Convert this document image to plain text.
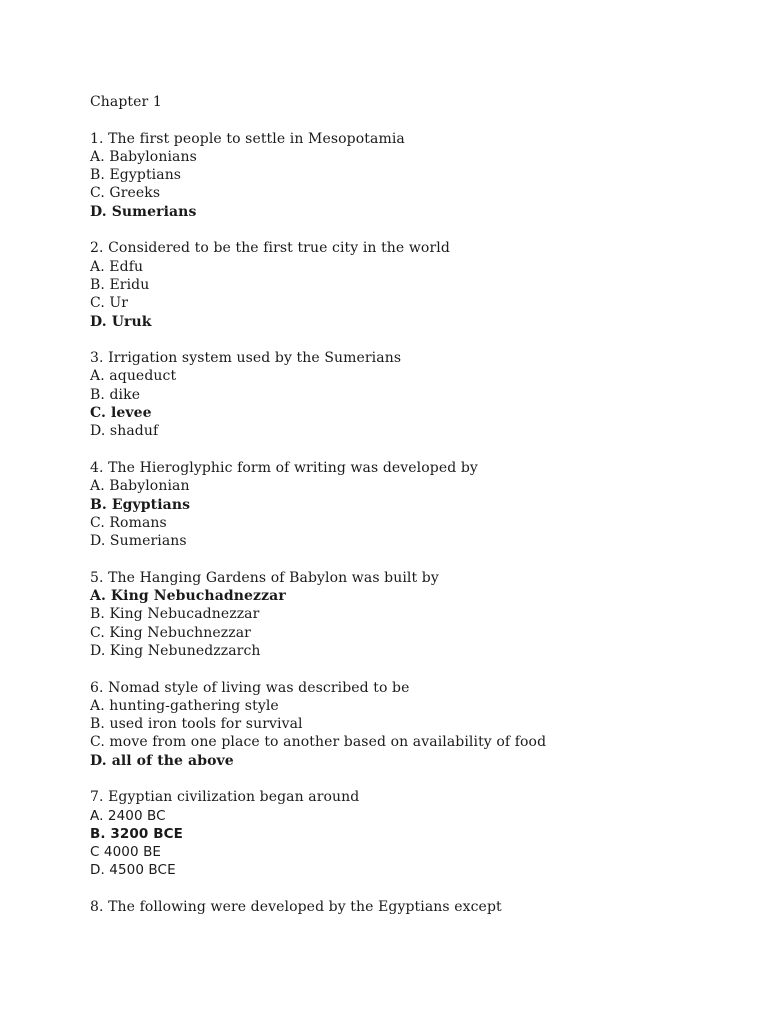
Chapter 1
1. The first people to settle in Mesopotamia
A. Babylonians
B. Egyptians
C. Greeks
D. Sumerians
2. Considered to be the first true city in the world
A. Edfu
B. Eridu
C. Ur
D. Uruk
3. Irrigation system used by the Sumerians
A. aqueduct
B. dike
C. levee
D. shaduf
4. The Hieroglyphic form of writing was developed by
A. Babylonian
B. Egyptians
C. Romans
D. Sumerians
5. The Hanging Gardens of Babylon was built by
A. King Nebuchadnezzar
B. King Nebucadnezzar
C. King Nebuchnezzar
D. King Nebunedzzarch
6. Nomad style of living was described to be
A. hunting-gathering style
B. used iron tools for survival
C. move from one place to another based on availability of food
D. all of the above
7. Egyptian civilization began around
A. 2400 BC
B. 3200 BCE
C 4000 BE
D. 4500 BCE
8. The following were developed by the Egyptians except
